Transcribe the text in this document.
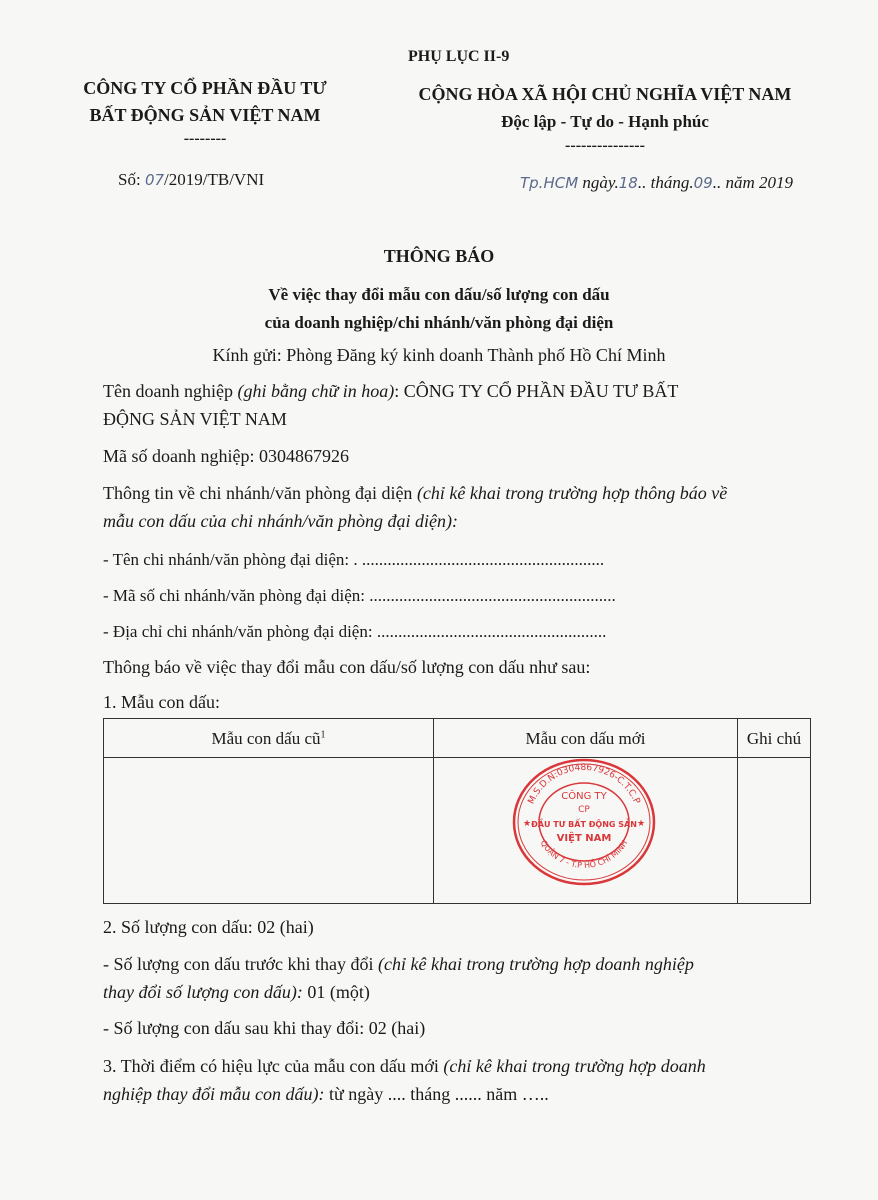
PHỤ LỤC II-9
CÔNG TY CỔ PHẦN ĐẦU TƯ
BẤT ĐỘNG SẢN VIỆT NAM
--------
CỘNG HÒA XÃ HỘI CHỦ NGHĨA VIỆT NAM
Độc lập - Tự do - Hạnh phúc
---------------
Số: 07/2019/TB/VNI	Tp.HCM ngày.18.. tháng.09.. năm 2019
THÔNG BÁO
Về việc thay đổi mẫu con dấu/số lượng con dấu
của doanh nghiệp/chi nhánh/văn phòng đại diện
Kính gửi: Phòng Đăng ký kinh doanh Thành phố Hồ Chí Minh
Tên doanh nghiệp (ghi bằng chữ in hoa): CÔNG TY CỔ PHẦN ĐẦU TƯ BẤT
ĐỘNG SẢN VIỆT NAM
Mã số doanh nghiệp: 0304867926
Thông tin về chi nhánh/văn phòng đại diện (chỉ kê khai trong trường hợp thông báo về
mẫu con dấu của chi nhánh/văn phòng đại diện):
- Tên chi nhánh/văn phòng đại diện: . .........................................................
- Mã số chi nhánh/văn phòng đại diện: ..........................................................
- Địa chỉ chi nhánh/văn phòng đại diện: ......................................................
Thông báo về việc thay đổi mẫu con dấu/số lượng con dấu như sau:
1. Mẫu con dấu:
Mẫu con dấu $cũ^1$	Mẫu con dấu mới	Ghi chú
M.S.D.N:0304867926-C.T.C.P
QUẬN 7 - T.P HỒ CHÍ MINH
★	★
CÔNG TY
CP
ĐẦU TƯ BẤT ĐỘNG SẢN
VIỆT NAM
2. Số lượng con dấu: 02 (hai)
- Số lượng con dấu trước khi thay đổi (chỉ kê khai trong trường hợp doanh nghiệp
thay đổi số lượng con dấu): 01 (một)
- Số lượng con dấu sau khi thay đổi: 02 (hai)
3. Thời điểm có hiệu lực của mẫu con dấu mới (chỉ kê khai trong trường hợp doanh
nghiệp thay đổi mẫu con dấu): từ ngày .... tháng ...... năm …..
